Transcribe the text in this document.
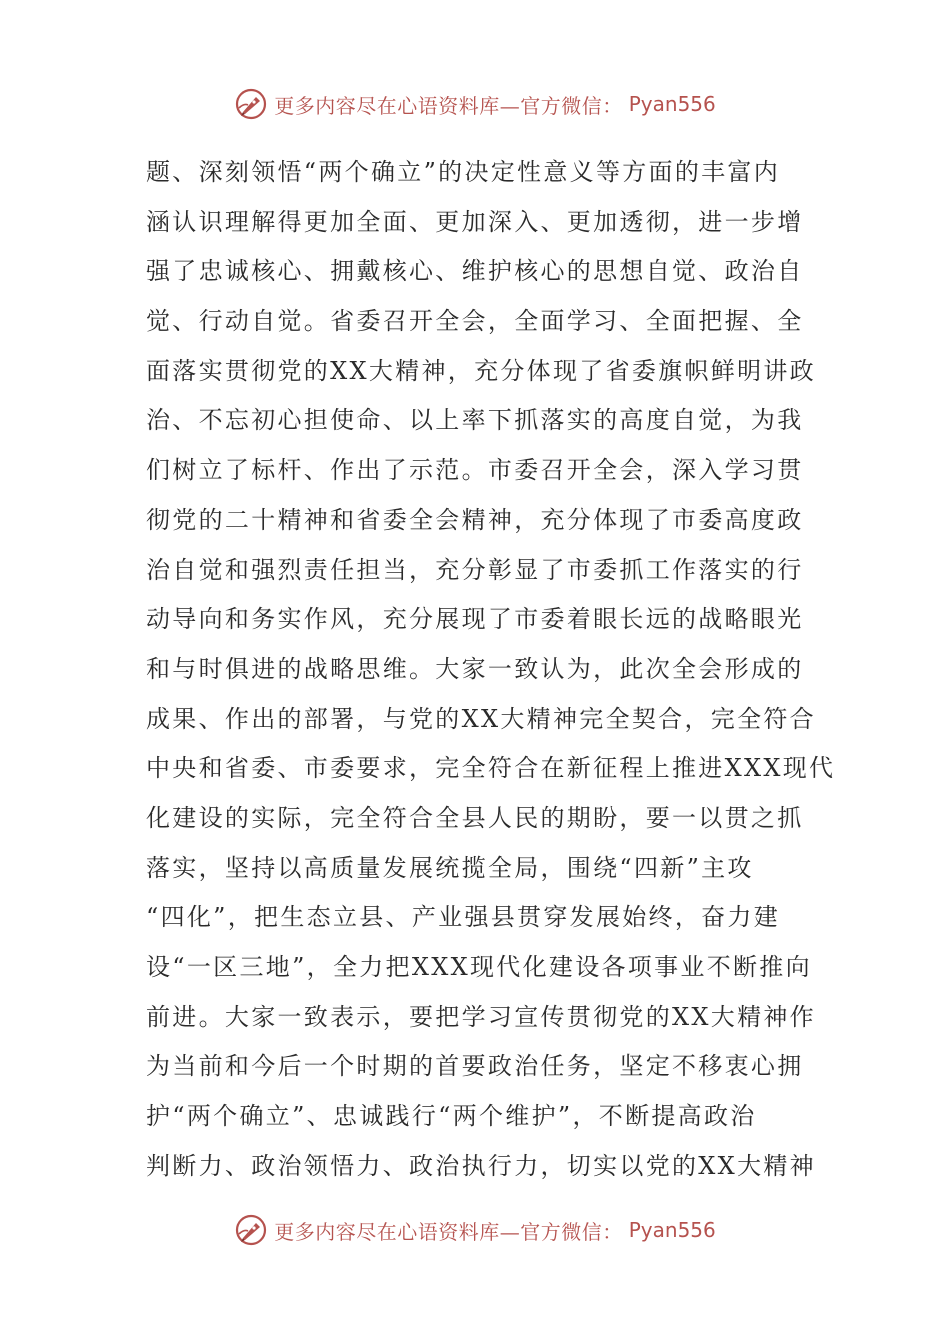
更多内容尽在心语资料库—官方微信： Pyan556
题、深刻领悟“两个确立”的决定性意义等方面的丰富内
涵认识理解得更加全面、更加深入、更加透彻，进一步增
强了忠诚核心、拥戴核心、维护核心的思想自觉、政治自
觉、行动自觉。省委召开全会，全面学习、全面把握、全
面落实贯彻党的XX大精神，充分体现了省委旗帜鲜明讲政
治、不忘初心担使命、以上率下抓落实的高度自觉，为我
们树立了标杆、作出了示范。市委召开全会，深入学习贯
彻党的二十精神和省委全会精神，充分体现了市委高度政
治自觉和强烈责任担当，充分彰显了市委抓工作落实的行
动导向和务实作风，充分展现了市委着眼长远的战略眼光
和与时俱进的战略思维。大家一致认为，此次全会形成的
成果、作出的部署，与党的XX大精神完全契合，完全符合
中央和省委、市委要求，完全符合在新征程上推进XXX现代
化建设的实际，完全符合全县人民的期盼，要一以贯之抓
落实，坚持以高质量发展统揽全局，围绕“四新”主攻
“四化”，把生态立县、产业强县贯穿发展始终，奋力建
设“一区三地”，全力把XXX现代化建设各项事业不断推向
前进。大家一致表示，要把学习宣传贯彻党的XX大精神作
为当前和今后一个时期的首要政治任务，坚定不移衷心拥
护“两个确立”、忠诚践行“两个维护”，不断提高政治
判断力、政治领悟力、政治执行力，切实以党的XX大精神
更多内容尽在心语资料库—官方微信： Pyan556
